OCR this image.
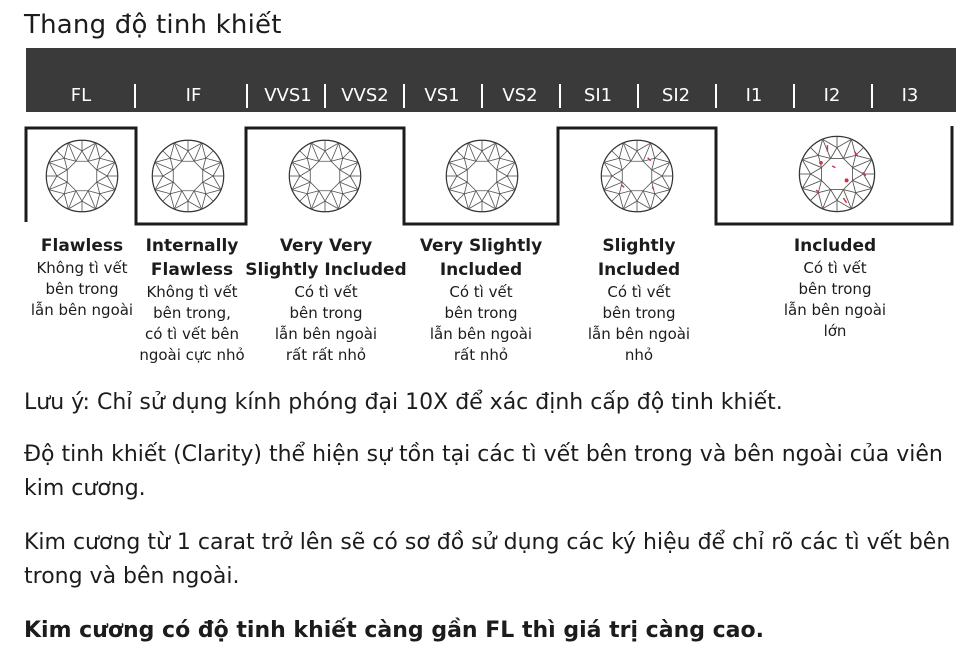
Thang độ tinh khiết
FL	IF	VVS1	VVS2	VS1	VS2	SI1	SI2	I1	I2	I3
Flawless
Không tì vết
bên trong
lẫn bên ngoài
Internally
Flawless
Không tì vết
bên trong,
có tì vết bên
ngoài cực nhỏ
Very Very
Slightly Included
Có tì vết
bên trong
lẫn bên ngoài
rất rất nhỏ
Very Slightly
Included
Có tì vết
bên trong
lẫn bên ngoài
rất nhỏ
Slightly
Included
Có tì vết
bên trong
lẫn bên ngoài
nhỏ
Included
Có tì vết
bên trong
lẫn bên ngoài
lớn
Lưu ý: Chỉ sử dụng kính phóng đại 10X để xác định cấp độ tinh khiết.
Độ tinh khiết (Clarity) thể hiện sự tồn tại các tì vết bên trong và bên ngoài của viên kim cương.
Kim cương từ 1 carat trở lên sẽ có sơ đồ sử dụng các ký hiệu để chỉ rõ các tì vết bên trong và bên ngoài.
Kim cương có độ tinh khiết càng gần FL thì giá trị càng cao.
